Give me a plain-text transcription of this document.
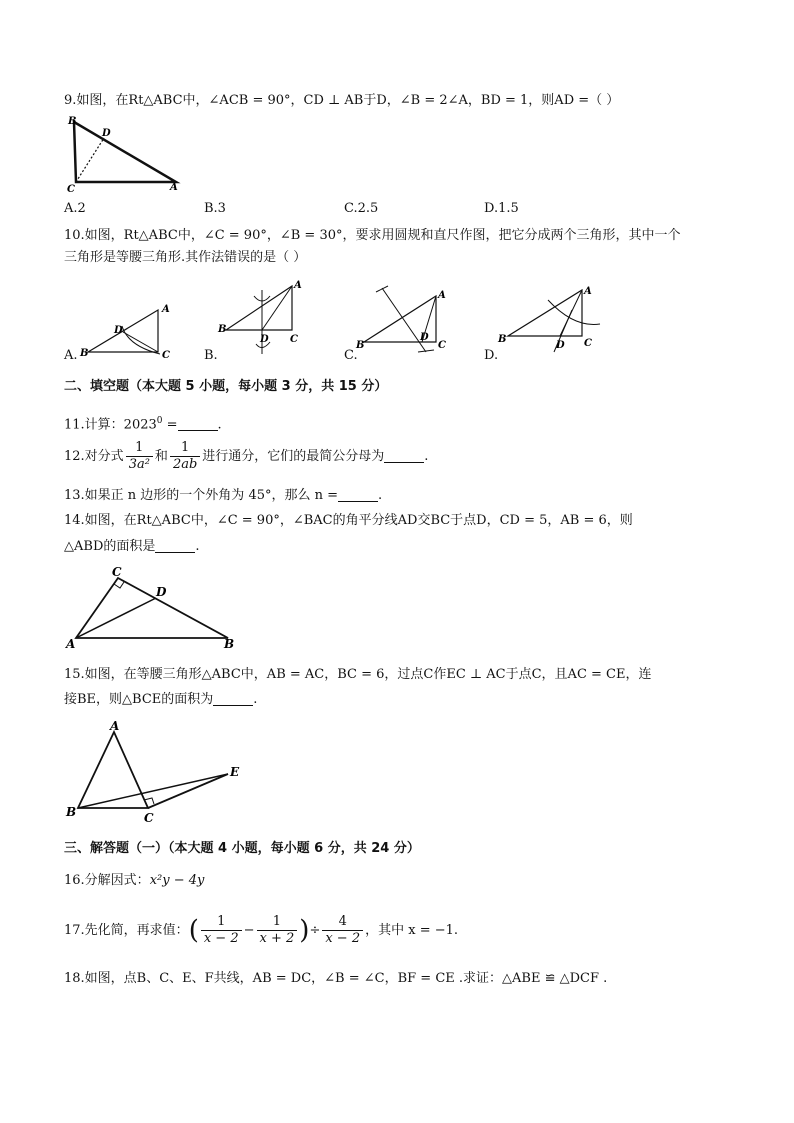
9.如图，在Rt△ABC中，∠ACB = 90°，CD ⊥ AB于D，∠B = 2∠A，BD = 1，则AD =（ ）
B
D
C	A
A.2	B.3	C.2.5	D.1.5
10.如图，Rt△ABC中，∠C = 90°，∠B = 30°，要求用圆规和直尺作图，把它分成两个三角形，其中一个
三角形是等腰三角形.其作法错误的是（ ）
A
B	C
D
A.
A
B
C
D
B.
A
B	C
D
C.
A
B	C
D
D.
二、填空题（本大题 5 小题，每小题 3 分，共 15 分）
11.计算：$2023^0$ =	.
12.对分式 $\frac{1}{\text{3a²}}$ 和 $\frac{1}{2ab}$ 进行通分，它们的最简公分母为	.
13.如果正 n 边形的一个外角为 45°，那么 n =	.
14.如图，在Rt△ABC中，∠C = 90°，∠BAC的角平分线AD交BC于点D，CD = 5，AB = 6，则
△ABD的面积是	.
C
D
A	B
15.如图，在等腰三角形△ABC中，AB = AC，BC = 6，过点C作EC ⊥ AC于点C，且AC = CE，连
接BE，则△BCE的面积为	.
A
E
B	C
三、解答题（一）（本大题 4 小题，每小题 6 分，共 24 分）
16.分解因式：x²y − 4y
17.先化简，再求值：( $\frac{1}{x - 2} - \frac{1}{x + 2}$ )÷ $\frac{4}{x - 2}$ ，其中 x = −1.
18.如图，点B、C、E、F共线，AB = DC，∠B = ∠C，BF = CE .求证：△ABE ≌ △DCF .
